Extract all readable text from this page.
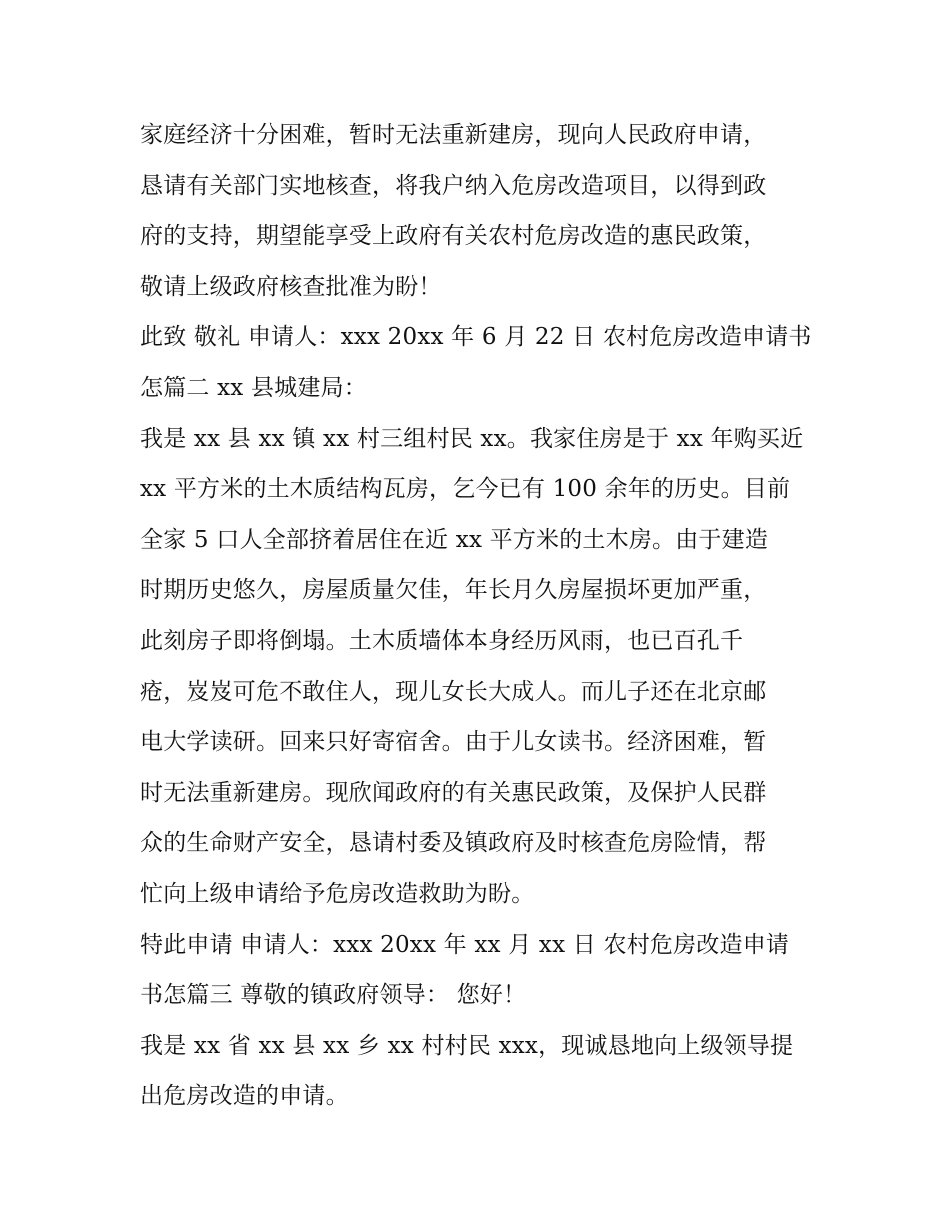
家庭经济十分困难，暂时无法重新建房，现向人民政府申请，
恳请有关部门实地核查，将我户纳入危房改造项目，以得到政
府的支持，期望能享受上政府有关农村危房改造的惠民政策，
敬请上级政府核查批准为盼！

此致 敬礼 申请人：xxx 20xx 年 6 月 22 日 农村危房改造申请书
怎篇二 xx 县城建局：

我是 xx 县 xx 镇 xx 村三组村民 xx。我家住房是于 xx 年购买近
xx 平方米的土木质结构瓦房，乞今已有 100 余年的历史。目前
全家 5 口人全部挤着居住在近 xx 平方米的土木房。由于建造
时期历史悠久，房屋质量欠佳，年长月久房屋损坏更加严重，
此刻房子即将倒塌。土木质墙体本身经历风雨，也已百孔千
疮，岌岌可危不敢住人，现儿女长大成人。而儿子还在北京邮
电大学读研。回来只好寄宿舍。由于儿女读书。经济困难，暂
时无法重新建房。现欣闻政府的有关惠民政策，及保护人民群
众的生命财产安全，恳请村委及镇政府及时核查危房险情，帮
忙向上级申请给予危房改造救助为盼。

特此申请 申请人：xxx 20xx 年 xx 月 xx 日 农村危房改造申请
书怎篇三 尊敬的镇政府领导： 您好！

我是 xx 省 xx 县 xx 乡 xx 村村民 xxx，现诚恳地向上级领导提
出危房改造的申请。
